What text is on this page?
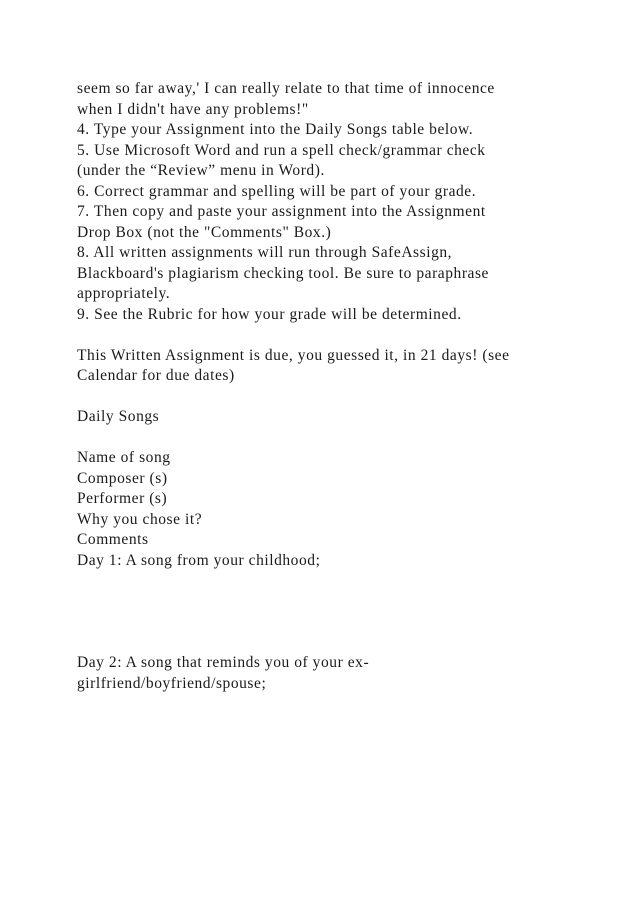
seem so far away,' I can really relate to that time of innocence
when I didn't have any problems!"
4. Type your Assignment into the Daily Songs table below.
5. Use Microsoft Word and run a spell check/grammar check
(under the “Review” menu in Word).
6. Correct grammar and spelling will be part of your grade.
7. Then copy and paste your assignment into the Assignment
Drop Box (not the "Comments" Box.)
8. All written assignments will run through SafeAssign,
Blackboard's plagiarism checking tool. Be sure to paraphrase
appropriately.
9. See the Rubric for how your grade will be determined.
This Written Assignment is due, you guessed it, in 21 days! (see
Calendar for due dates)
Daily Songs
Name of song
Composer (s)
Performer (s)
Why you chose it?
Comments
Day 1: A song from your childhood;
Day 2: A song that reminds you of your ex-
girlfriend/boyfriend/spouse;
